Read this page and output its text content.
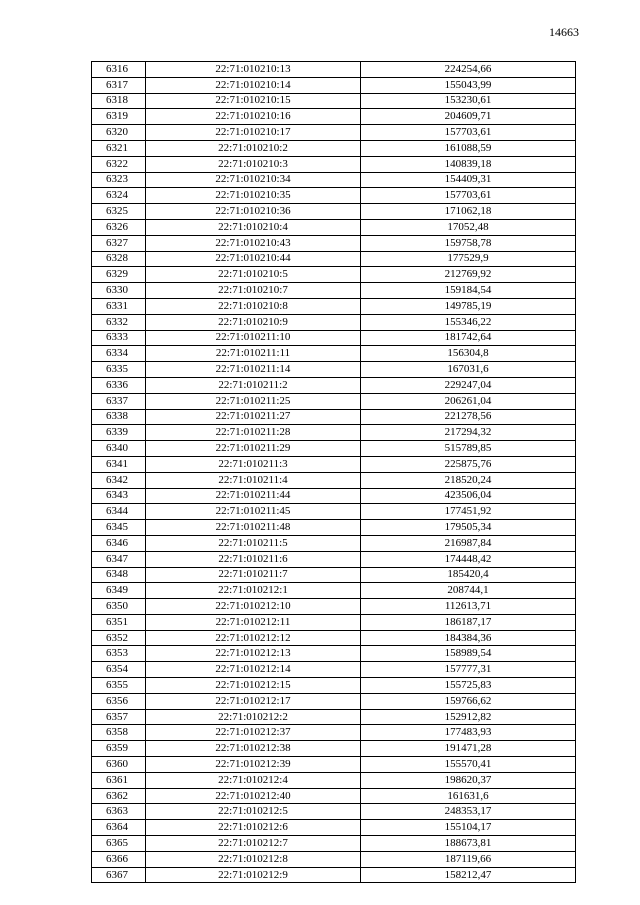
14663
6316	22:71:010210:13	224254,66
6317	22:71:010210:14	155043,99
6318	22:71:010210:15	153230,61
6319	22:71:010210:16	204609,71
6320	22:71:010210:17	157703,61
6321	22:71:010210:2	161088,59
6322	22:71:010210:3	140839,18
6323	22:71:010210:34	154409,31
6324	22:71:010210:35	157703,61
6325	22:71:010210:36	171062,18
6326	22:71:010210:4	17052,48
6327	22:71:010210:43	159758,78
6328	22:71:010210:44	177529,9
6329	22:71:010210:5	212769,92
6330	22:71:010210:7	159184,54
6331	22:71:010210:8	149785,19
6332	22:71:010210:9	155346,22
6333	22:71:010211:10	181742,64
6334	22:71:010211:11	156304,8
6335	22:71:010211:14	167031,6
6336	22:71:010211:2	229247,04
6337	22:71:010211:25	206261,04
6338	22:71:010211:27	221278,56
6339	22:71:010211:28	217294,32
6340	22:71:010211:29	515789,85
6341	22:71:010211:3	225875,76
6342	22:71:010211:4	218520,24
6343	22:71:010211:44	423506,04
6344	22:71:010211:45	177451,92
6345	22:71:010211:48	179505,34
6346	22:71:010211:5	216987,84
6347	22:71:010211:6	174448,42
6348	22:71:010211:7	185420,4
6349	22:71:010212:1	208744,1
6350	22:71:010212:10	112613,71
6351	22:71:010212:11	186187,17
6352	22:71:010212:12	184384,36
6353	22:71:010212:13	158989,54
6354	22:71:010212:14	157777,31
6355	22:71:010212:15	155725,83
6356	22:71:010212:17	159766,62
6357	22:71:010212:2	152912,82
6358	22:71:010212:37	177483,93
6359	22:71:010212:38	191471,28
6360	22:71:010212:39	155570,41
6361	22:71:010212:4	198620,37
6362	22:71:010212:40	161631,6
6363	22:71:010212:5	248353,17
6364	22:71:010212:6	155104,17
6365	22:71:010212:7	188673,81
6366	22:71:010212:8	187119,66
6367	22:71:010212:9	158212,47
